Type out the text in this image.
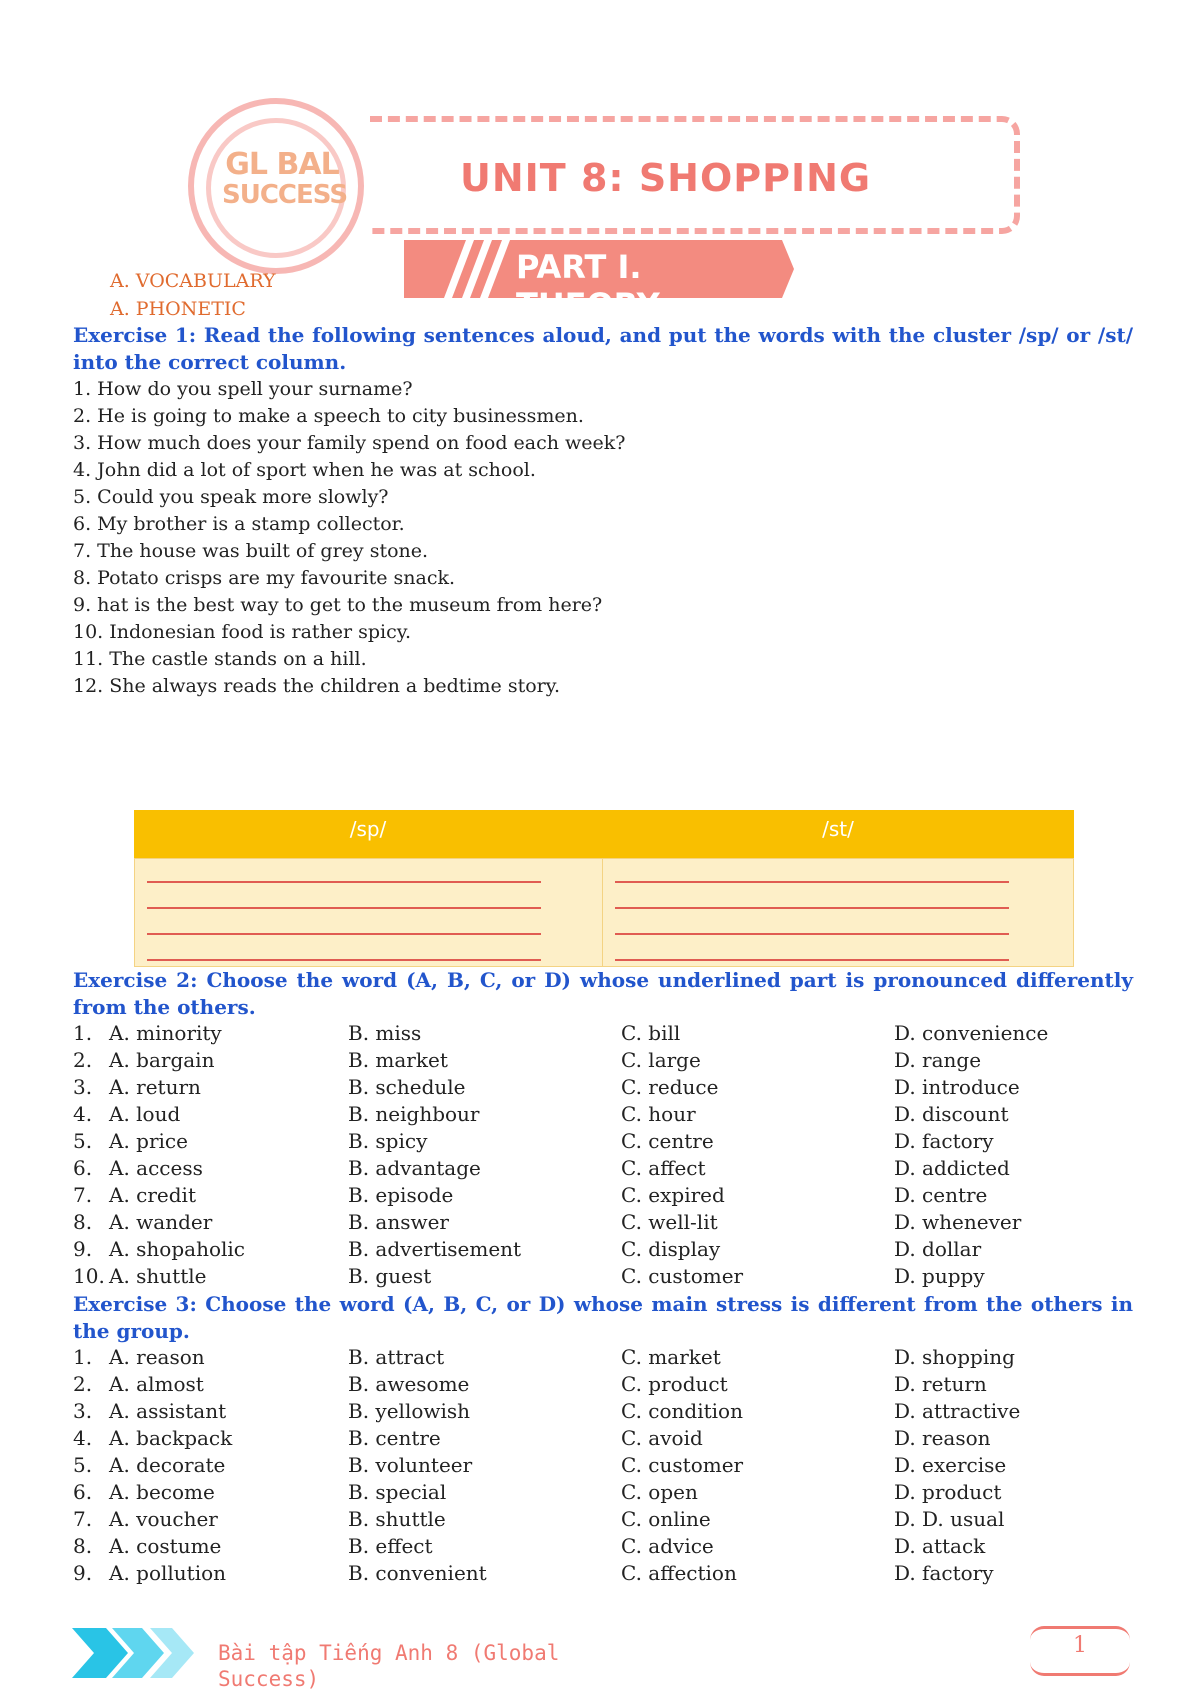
GL BAL
SUCCESS	UNIT 8: SHOPPING
PART I. THEORY
A. VOCABULARY
A. PHONETIC
Exercise 1: Read the following sentences aloud, and put the words with the cluster /sp/ or /st/ into the correct column.
1. How do you spell your surname?
2. He is going to make a speech to city businessmen.
3. How much does your family spend on food each week?
4. John did a lot of sport when he was at school.
5. Could you speak more slowly?
6. My brother is a stamp collector.
7. The house was built of grey stone.
8. Potato crisps are my favourite snack.
9. hat is the best way to get to the museum from here?
10. Indonesian food is rather spicy.
11. The castle stands on a hill.
12. She always reads the children a bedtime story.
/sp/	/st/
Exercise 2: Choose the word (A, B, C, or D) whose underlined part is pronounced differently from the others.
1. A. minority	B. miss	C. bill	D. convenience
2. A. bargain	B. market	C. large	D. range
3. A. return	B. schedule	C. reduce	D. introduce
4. A. loud	B. neighbour	C. hour	D. discount
5. A. price	B. spicy	C. centre	D. factory
6. A. access	B. advantage	C. affect	D. addicted
7. A. credit	B. episode	C. expired	D. centre
8. A. wander	B. answer	C. well-lit	D. whenever
9. A. shopaholic	B. advertisement	C. display	D. dollar
10. A. shuttle	B. guest	C. customer	D. puppy
Exercise 3: Choose the word (A, B, C, or D) whose main stress is different from the others in the group.
1. A. reason	B. attract	C. market	D. shopping
2. A. almost	B. awesome	C. product	D. return
3. A. assistant	B. yellowish	C. condition	D. attractive
4. A. backpack	B. centre	C. avoid	D. reason
5. A. decorate	B. volunteer	C. customer	D. exercise
6. A. become	B. special	C. open	D. product
7. A. voucher	B. shuttle	C. online	D. D. usual
8. A. costume	B. effect	C. advice	D. attack
9. A. pollution	B. convenient	C. affection	D. factory
Bài tập Tiếng Anh 8 (Global Success)
1
